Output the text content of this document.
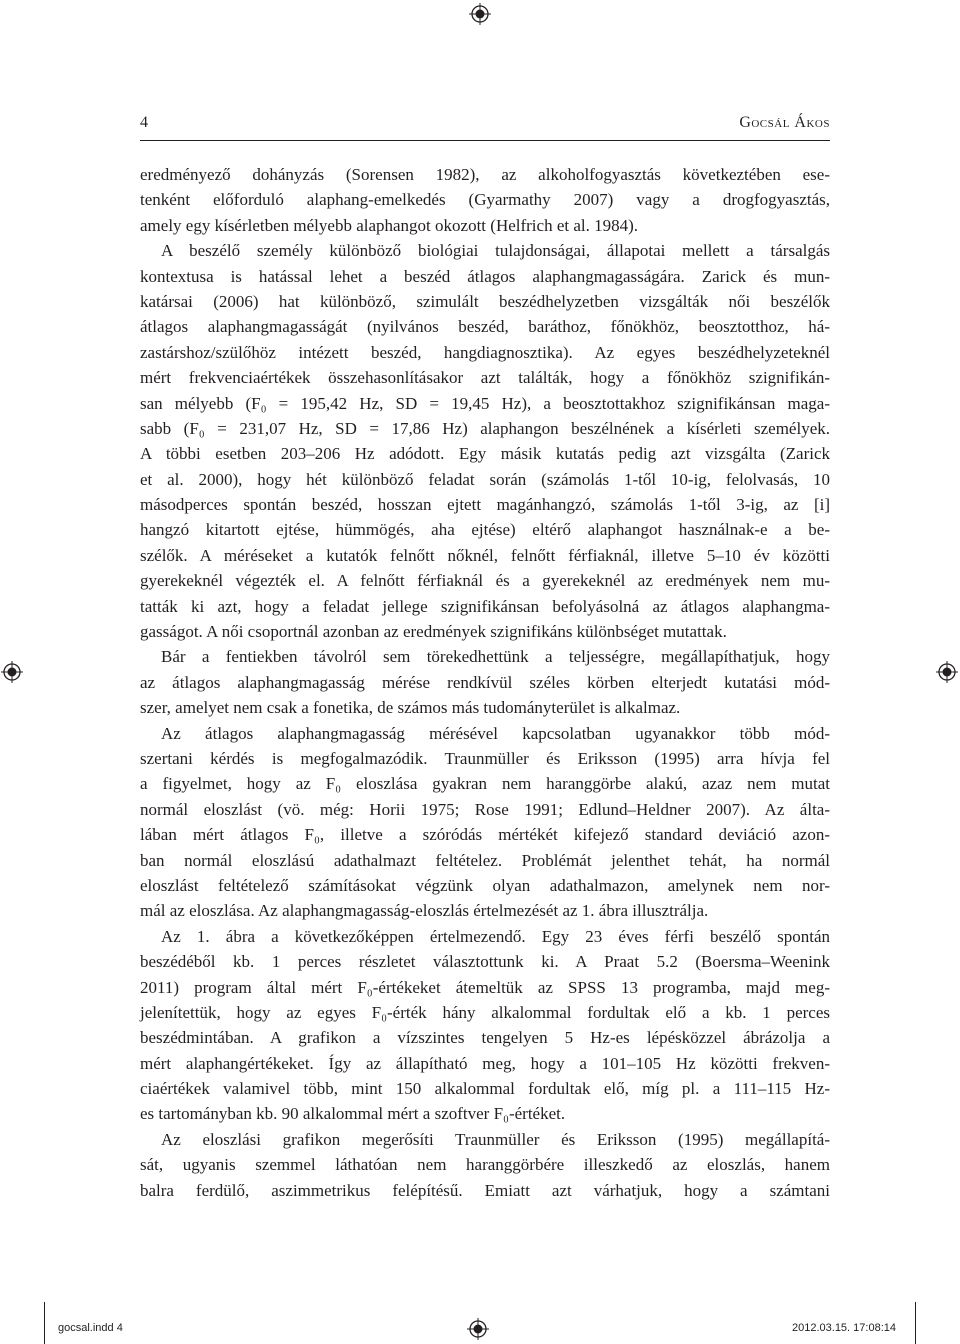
4	Gocsál Ákos
eredményező dohányzás (Sorensen 1982), az alkoholfogyasztás következtében ese-
tenként előforduló alaphang-emelkedés (Gyarmathy 2007) vagy a drogfogyasztás,
amely egy kísérletben mélyebb alaphangot okozott (Helfrich et al. 1984).
A beszélő személy különböző biológiai tulajdonságai, állapotai mellett a társalgás
kontextusa is hatással lehet a beszéd átlagos alaphangmagasságára. Zarick és mun-
katársai (2006) hat különböző, szimulált beszédhelyzetben vizsgálták női beszélők
átlagos alaphangmagasságát (nyilvános beszéd, baráthoz, főnökhöz, beosztotthoz, há-
zastárshoz/szülőhöz intézett beszéd, hangdiagnosztika). Az egyes beszédhelyzeteknél
mért frekvenciaértékek összehasonlításakor azt találták, hogy a főnökhöz szignifikán-
san mélyebb (F₀ = 195,42 Hz, SD = 19,45 Hz), a beosztottakhoz szignifikánsan maga-
sabb (F₀ = 231,07 Hz, SD = 17,86 Hz) alaphangon beszélnének a kísérleti személyek.
A többi esetben 203–206 Hz adódott. Egy másik kutatás pedig azt vizsgálta (Zarick
et al. 2000), hogy hét különböző feladat során (számolás 1-től 10-ig, felolvasás, 10
másodperces spontán beszéd, hosszan ejtett magánhangzó, számolás 1-től 3-ig, az [i]
hangzó kitartott ejtése, hümmögés, aha ejtése) eltérő alaphangot használnak-e a be-
szélők. A méréseket a kutatók felnőtt nőknél, felnőtt férfiaknál, illetve 5–10 év közötti
gyerekeknél végezték el. A felnőtt férfiaknál és a gyerekeknél az eredmények nem mu-
tatták ki azt, hogy a feladat jellege szignifikánsan befolyásolná az átlagos alaphangma-
gasságot. A női csoportnál azonban az eredmények szignifikáns különbséget mutattak.
Bár a fentiekben távolról sem törekedhettünk a teljességre, megállapíthatjuk, hogy
az átlagos alaphangmagasság mérése rendkívül széles körben elterjedt kutatási mód-
szer, amelyet nem csak a fonetika, de számos más tudományterület is alkalmaz.
Az átlagos alaphangmagasság mérésével kapcsolatban ugyanakkor több mód-
szertani kérdés is megfogalmazódik. Traunmüller és Eriksson (1995) arra hívja fel
a figyelmet, hogy az F₀ eloszlása gyakran nem haranggörbe alakú, azaz nem mutat
normál eloszlást (vö. még: Horii 1975; Rose 1991; Edlund–Heldner 2007). Az álta-
lában mért átlagos F₀, illetve a szóródás mértékét kifejező standard deviáció azon-
ban normál eloszlású adathalmazt feltételez. Problémát jelenthet tehát, ha normál
eloszlást feltételező számításokat végzünk olyan adathalmazon, amelynek nem nor-
mál az eloszlása. Az alaphangmagasság-eloszlás értelmezését az 1. ábra illusztrálja.
Az 1. ábra a következőképpen értelmezendő. Egy 23 éves férfi beszélő spontán
beszédéből kb. 1 perces részletet választottunk ki. A Praat 5.2 (Boersma–Weenink
2011) program által mért F₀-értékeket átemeltük az SPSS 13 programba, majd meg-
jelenítettük, hogy az egyes F₀-érték hány alkalommal fordultak elő a kb. 1 perces
beszédmintában. A grafikon a vízszintes tengelyen 5 Hz-es lépésközzel ábrázolja a
mért alaphangértékeket. Így az állapítható meg, hogy a 101–105 Hz közötti frekven-
ciaértékek valamivel több, mint 150 alkalommal fordultak elő, míg pl. a 111–115 Hz-
es tartományban kb. 90 alkalommal mért a szoftver F₀-értéket.
Az eloszlási grafikon megerősíti Traunmüller és Eriksson (1995) megállapítá-
sát, ugyanis szemmel láthatóan nem haranggörbére illeszkedő az eloszlás, hanem
balra ferdülő, aszimmetrikus felépítésű. Emiatt azt várhatjuk, hogy a számtani
gocsal.indd 4	2012.03.15. 17:08:14
